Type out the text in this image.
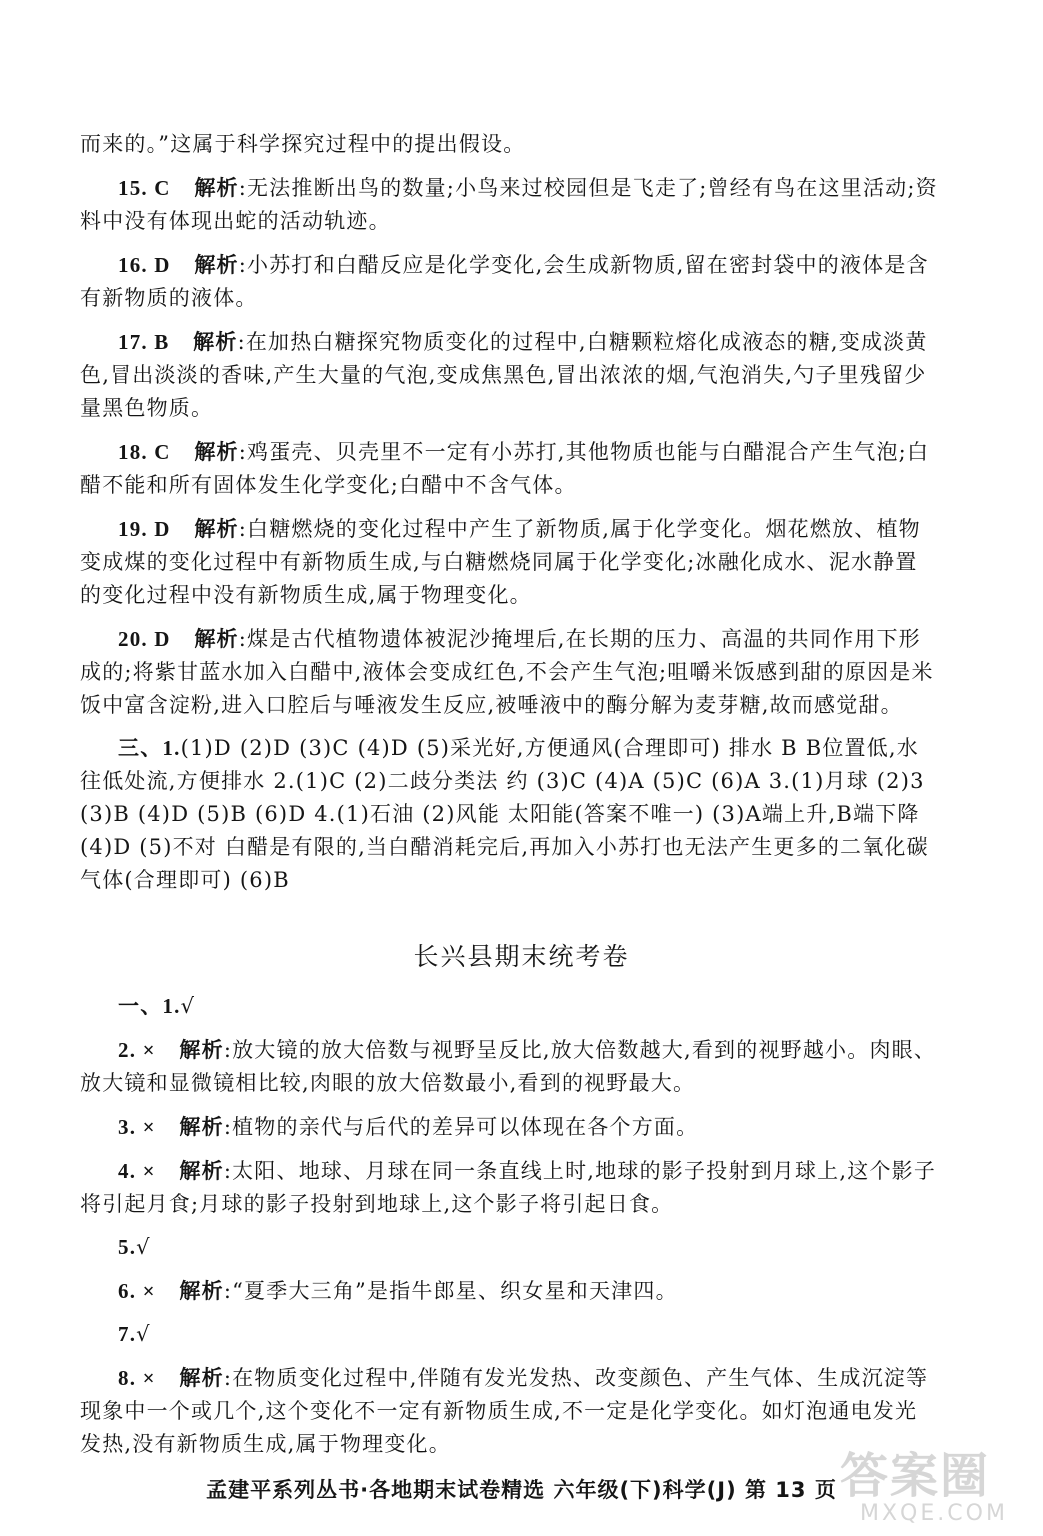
而来的。”这属于科学探究过程中的提出假设。

15. C 解析:无法推断出鸟的数量;小鸟来过校园但是飞走了;曾经有鸟在这里活动;资料中没有体现出蛇的活动轨迹。

16. D 解析:小苏打和白醋反应是化学变化,会生成新物质,留在密封袋中的液体是含有新物质的液体。

17. B 解析:在加热白糖探究物质变化的过程中,白糖颗粒熔化成液态的糖,变成淡黄色,冒出淡淡的香味,产生大量的气泡,变成焦黑色,冒出浓浓的烟,气泡消失,勺子里残留少量黑色物质。

18. C 解析:鸡蛋壳、贝壳里不一定有小苏打,其他物质也能与白醋混合产生气泡;白醋不能和所有固体发生化学变化;白醋中不含气体。

19. D 解析:白糖燃烧的变化过程中产生了新物质,属于化学变化。烟花燃放、植物变成煤的变化过程中有新物质生成,与白糖燃烧同属于化学变化;冰融化成水、泥水静置的变化过程中没有新物质生成,属于物理变化。

20. D 解析:煤是古代植物遗体被泥沙掩埋后,在长期的压力、高温的共同作用下形成的;将紫甘蓝水加入白醋中,液体会变成红色,不会产生气泡;咀嚼米饭感到甜的原因是米饭中富含淀粉,进入口腔后与唾液发生反应,被唾液中的酶分解为麦芽糖,故而感觉甜。

三、1.(1)D (2)D (3)C (4)D (5)采光好,方便通风(合理即可) 排水 B B位置低,水往低处流,方便排水 2.(1)C (2)二歧分类法 约 (3)C (4)A (5)C (6)A 3.(1)月球 (2)3 (3)B (4)D (5)B (6)D 4.(1)石油 (2)风能 太阳能(答案不唯一) (3)A端上升,B端下降 (4)D (5)不对 白醋是有限的,当白醋消耗完后,再加入小苏打也无法产生更多的二氧化碳气体(合理即可) (6)B

长兴县期末统考卷

一、1.√

2. × 解析:放大镜的放大倍数与视野呈反比,放大倍数越大,看到的视野越小。肉眼、放大镜和显微镜相比较,肉眼的放大倍数最小,看到的视野最大。

3. × 解析:植物的亲代与后代的差异可以体现在各个方面。

4. × 解析:太阳、地球、月球在同一条直线上时,地球的影子投射到月球上,这个影子将引起月食;月球的影子投射到地球上,这个影子将引起日食。

5.√

6. × 解析:“夏季大三角”是指牛郎星、织女星和天津四。

7.√

8. × 解析:在物质变化过程中,伴随有发光发热、改变颜色、产生气体、生成沉淀等现象中一个或几个,这个变化不一定有新物质生成,不一定是化学变化。如灯泡通电发光发热,没有新物质生成,属于物理变化。

孟建平系列丛书·各地期末试卷精选 六年级(下)科学(J) 第 13 页 答案圈
MXQE.COM
